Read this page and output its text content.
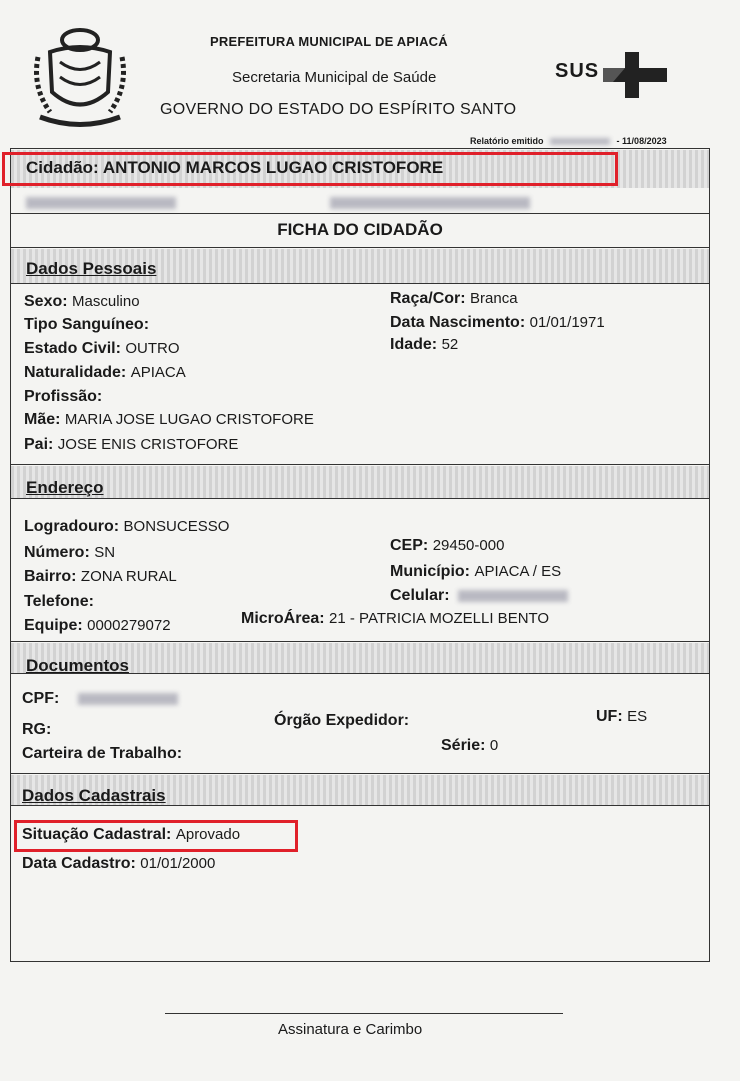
PREFEITURA MUNICIPAL DE APIACÁ
Secretaria Municipal de Saúde
GOVERNO DO ESTADO DO ESPÍRITO SANTO
SUS
Relatório emitido	- 11/08/2023
Cidadão: ANTONIO MARCOS LUGAO CRISTOFORE

FICHA DO CIDADÃO
Dados Pessoais
Sexo: Masculino
Tipo Sanguíneo:
Estado Civil: OUTRO
Naturalidade: APIACA
Profissão:
Mãe: MARIA JOSE LUGAO CRISTOFORE
Pai: JOSE ENIS CRISTOFORE
Raça/Cor: Branca
Data Nascimento: 01/01/1971
Idade: 52
Endereço
Logradouro: BONSUCESSO
Número: SN
Bairro: ZONA RURAL
Telefone:
Equipe: 0000279072
CEP: 29450-000
Município: APIACA / ES
Celular:
MicroÁrea: 21 - PATRICIA MOZELLI BENTO
Documentos
CPF:
RG:
Órgão Expedidor:	UF: ES
Carteira de Trabalho:	Série: 0
Dados Cadastrais
Situação Cadastral: Aprovado
Data Cadastro: 01/01/2000
Assinatura e Carimbo
